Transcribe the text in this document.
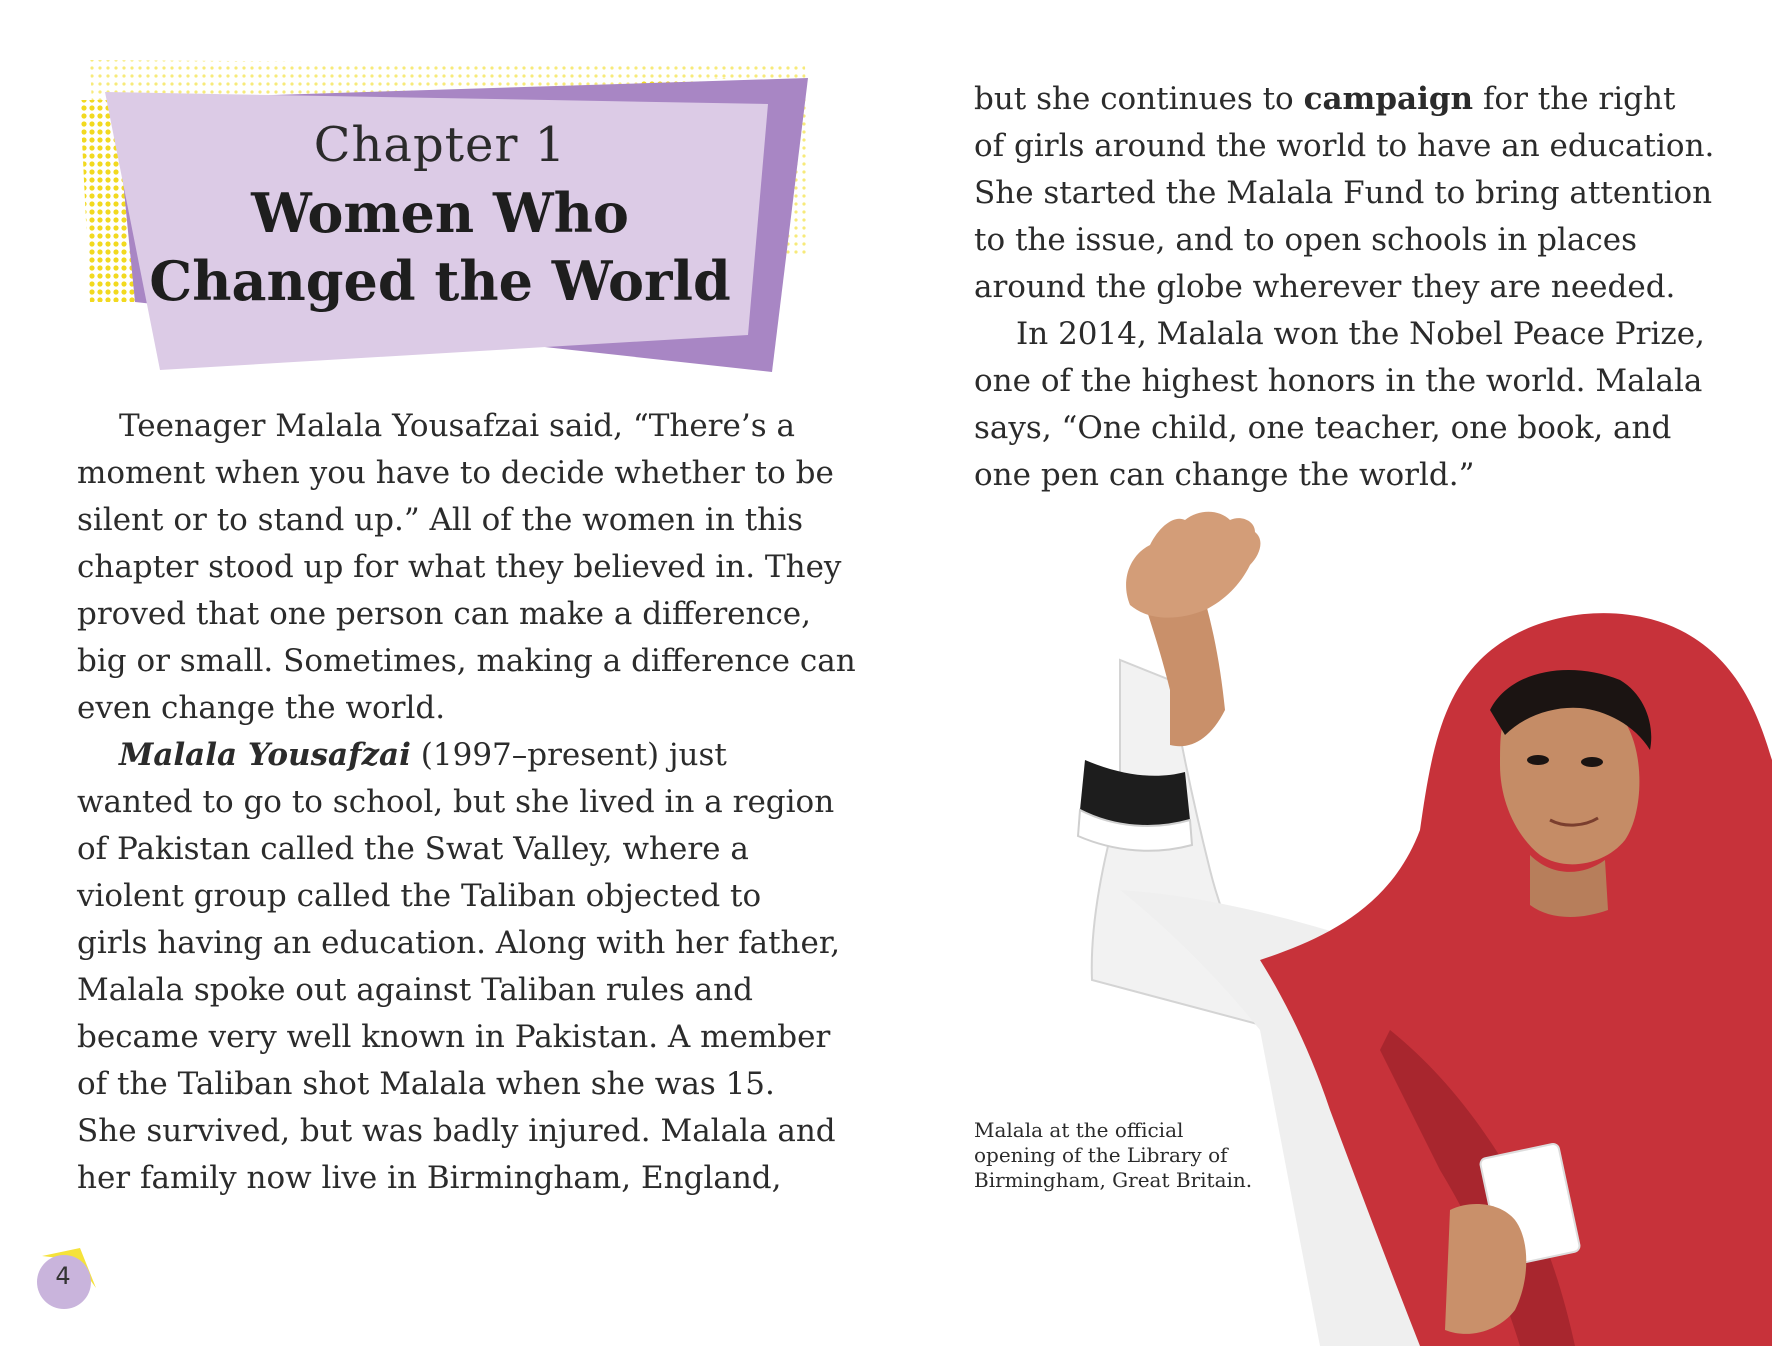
Chapter 1
Women Who
Changed the World
Teenager Malala Yousafzai said, “There’s a
moment when you have to decide whether to be
silent or to stand up.” All of the women in this
chapter stood up for what they believed in. They
proved that one person can make a difference,
big or small. Sometimes, making a difference can
even change the world.
Malala Yousafzai (1997–present) just
wanted to go to school, but she lived in a region
of Pakistan called the Swat Valley, where a
violent group called the Taliban objected to
girls having an education. Along with her father,
Malala spoke out against Taliban rules and
became very well known in Pakistan. A member
of the Taliban shot Malala when she was 15.
She survived, but was badly injured. Malala and
her family now live in Birmingham, England,
but she continues to campaign for the right
of girls around the world to have an education.
She started the Malala Fund to bring attention
to the issue, and to open schools in places
around the globe wherever they are needed.
In 2014, Malala won the Nobel Peace Prize,
one of the highest honors in the world. Malala
says, “One child, one teacher, one book, and
one pen can change the world.”
Malala at the official
opening of the Library of
Birmingham, Great Britain.
4
